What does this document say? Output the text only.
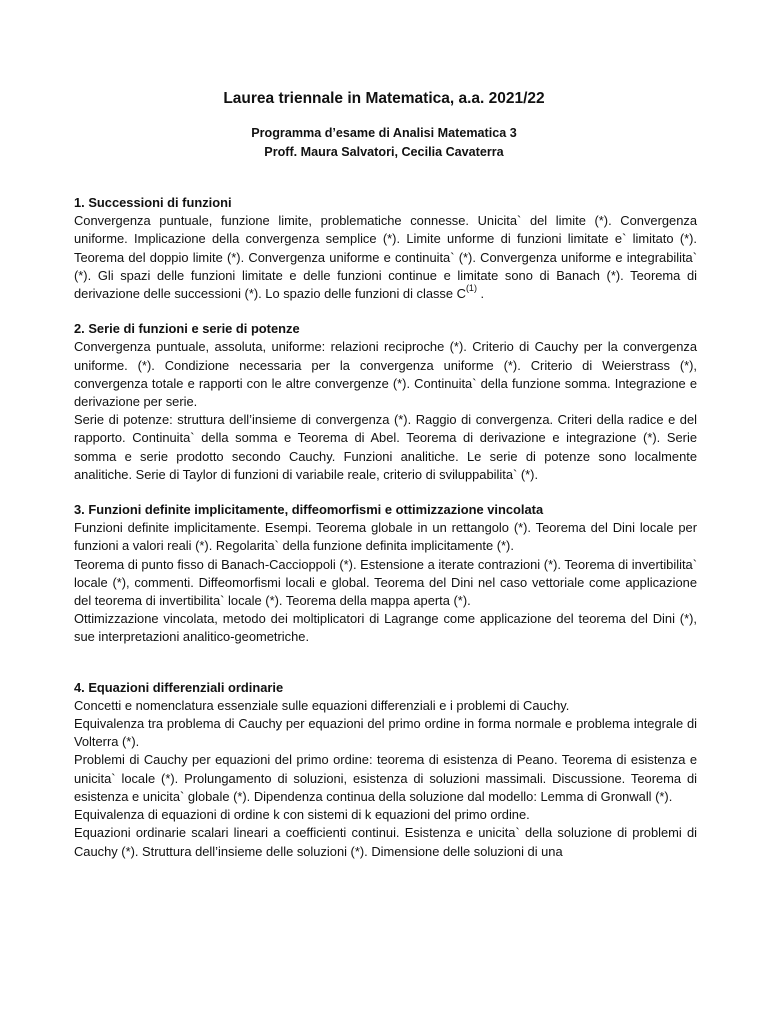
Laurea triennale in Matematica, a.a. 2021/22
Programma d’esame di Analisi Matematica 3
Proff. Maura Salvatori, Cecilia Cavaterra

1. Successioni di funzioni

Convergenza puntuale, funzione limite, problematiche connesse. Unicita` del limite (*). Convergenza uniforme. Implicazione della convergenza semplice (*). Limite unforme di funzioni limitate e` limitato (*). Teorema del doppio limite (*). Convergenza uniforme e continuita` (*). Convergenza uniforme e integrabilita` (*). Gli spazi delle funzioni limitate e delle funzioni continue e limitate sono di Banach (*). Teorema di derivazione delle successioni (*). Lo spazio delle funzioni di classe $C^{(1)}$ .

2. Serie di funzioni e serie di potenze

Convergenza puntuale, assoluta, uniforme: relazioni reciproche (*). Criterio di Cauchy per la convergenza uniforme. (*). Condizione necessaria per la convergenza uniforme (*). Criterio di Weierstrass (*), convergenza totale e rapporti con le altre convergenze (*). Continuita` della funzione somma. Integrazione e derivazione per serie.

Serie di potenze: struttura dell’insieme di convergenza (*). Raggio di convergenza. Criteri della radice e del rapporto. Continuita` della somma e Teorema di Abel. Teorema di derivazione e integrazione (*). Serie somma e serie prodotto secondo Cauchy. Funzioni analitiche. Le serie di potenze sono localmente analitiche. Serie di Taylor di funzioni di variabile reale, criterio di sviluppabilita` (*).

3. Funzioni definite implicitamente, diffeomorfismi e ottimizzazione vincolata

Funzioni definite implicitamente. Esempi. Teorema globale in un rettangolo (*). Teorema del Dini locale per funzioni a valori reali (*). Regolarita` della funzione definita implicitamente (*).

Teorema di punto fisso di Banach-Caccioppoli (*). Estensione a iterate contrazioni (*). Teorema di invertibilita` locale (*), commenti. Diffeomorfismi locali e global. Teorema del Dini nel caso vettoriale come applicazione del teorema di invertibilita` locale (*). Teorema della mappa aperta (*).

Ottimizzazione vincolata, metodo dei moltiplicatori di Lagrange come applicazione del teorema del Dini (*), sue interpretazioni analitico-geometriche.

4. Equazioni differenziali ordinarie

Concetti e nomenclatura essenziale sulle equazioni differenziali e i problemi di Cauchy.

Equivalenza tra problema di Cauchy per equazioni del primo ordine in forma normale e problema integrale di Volterra (*).

Problemi di Cauchy per equazioni del primo ordine: teorema di esistenza di Peano. Teorema di esistenza e unicita` locale (*). Prolungamento di soluzioni, esistenza di soluzioni massimali. Discussione. Teorema di esistenza e unicita` globale (*). Dipendenza continua della soluzione dal modello: Lemma di Gronwall (*).

Equivalenza di equazioni di ordine k con sistemi di k equazioni del primo ordine.

Equazioni ordinarie scalari lineari a coefficienti continui. Esistenza e unicita` della soluzione di problemi di Cauchy (*). Struttura dell’insieme delle soluzioni (*). Dimensione delle soluzioni di una
